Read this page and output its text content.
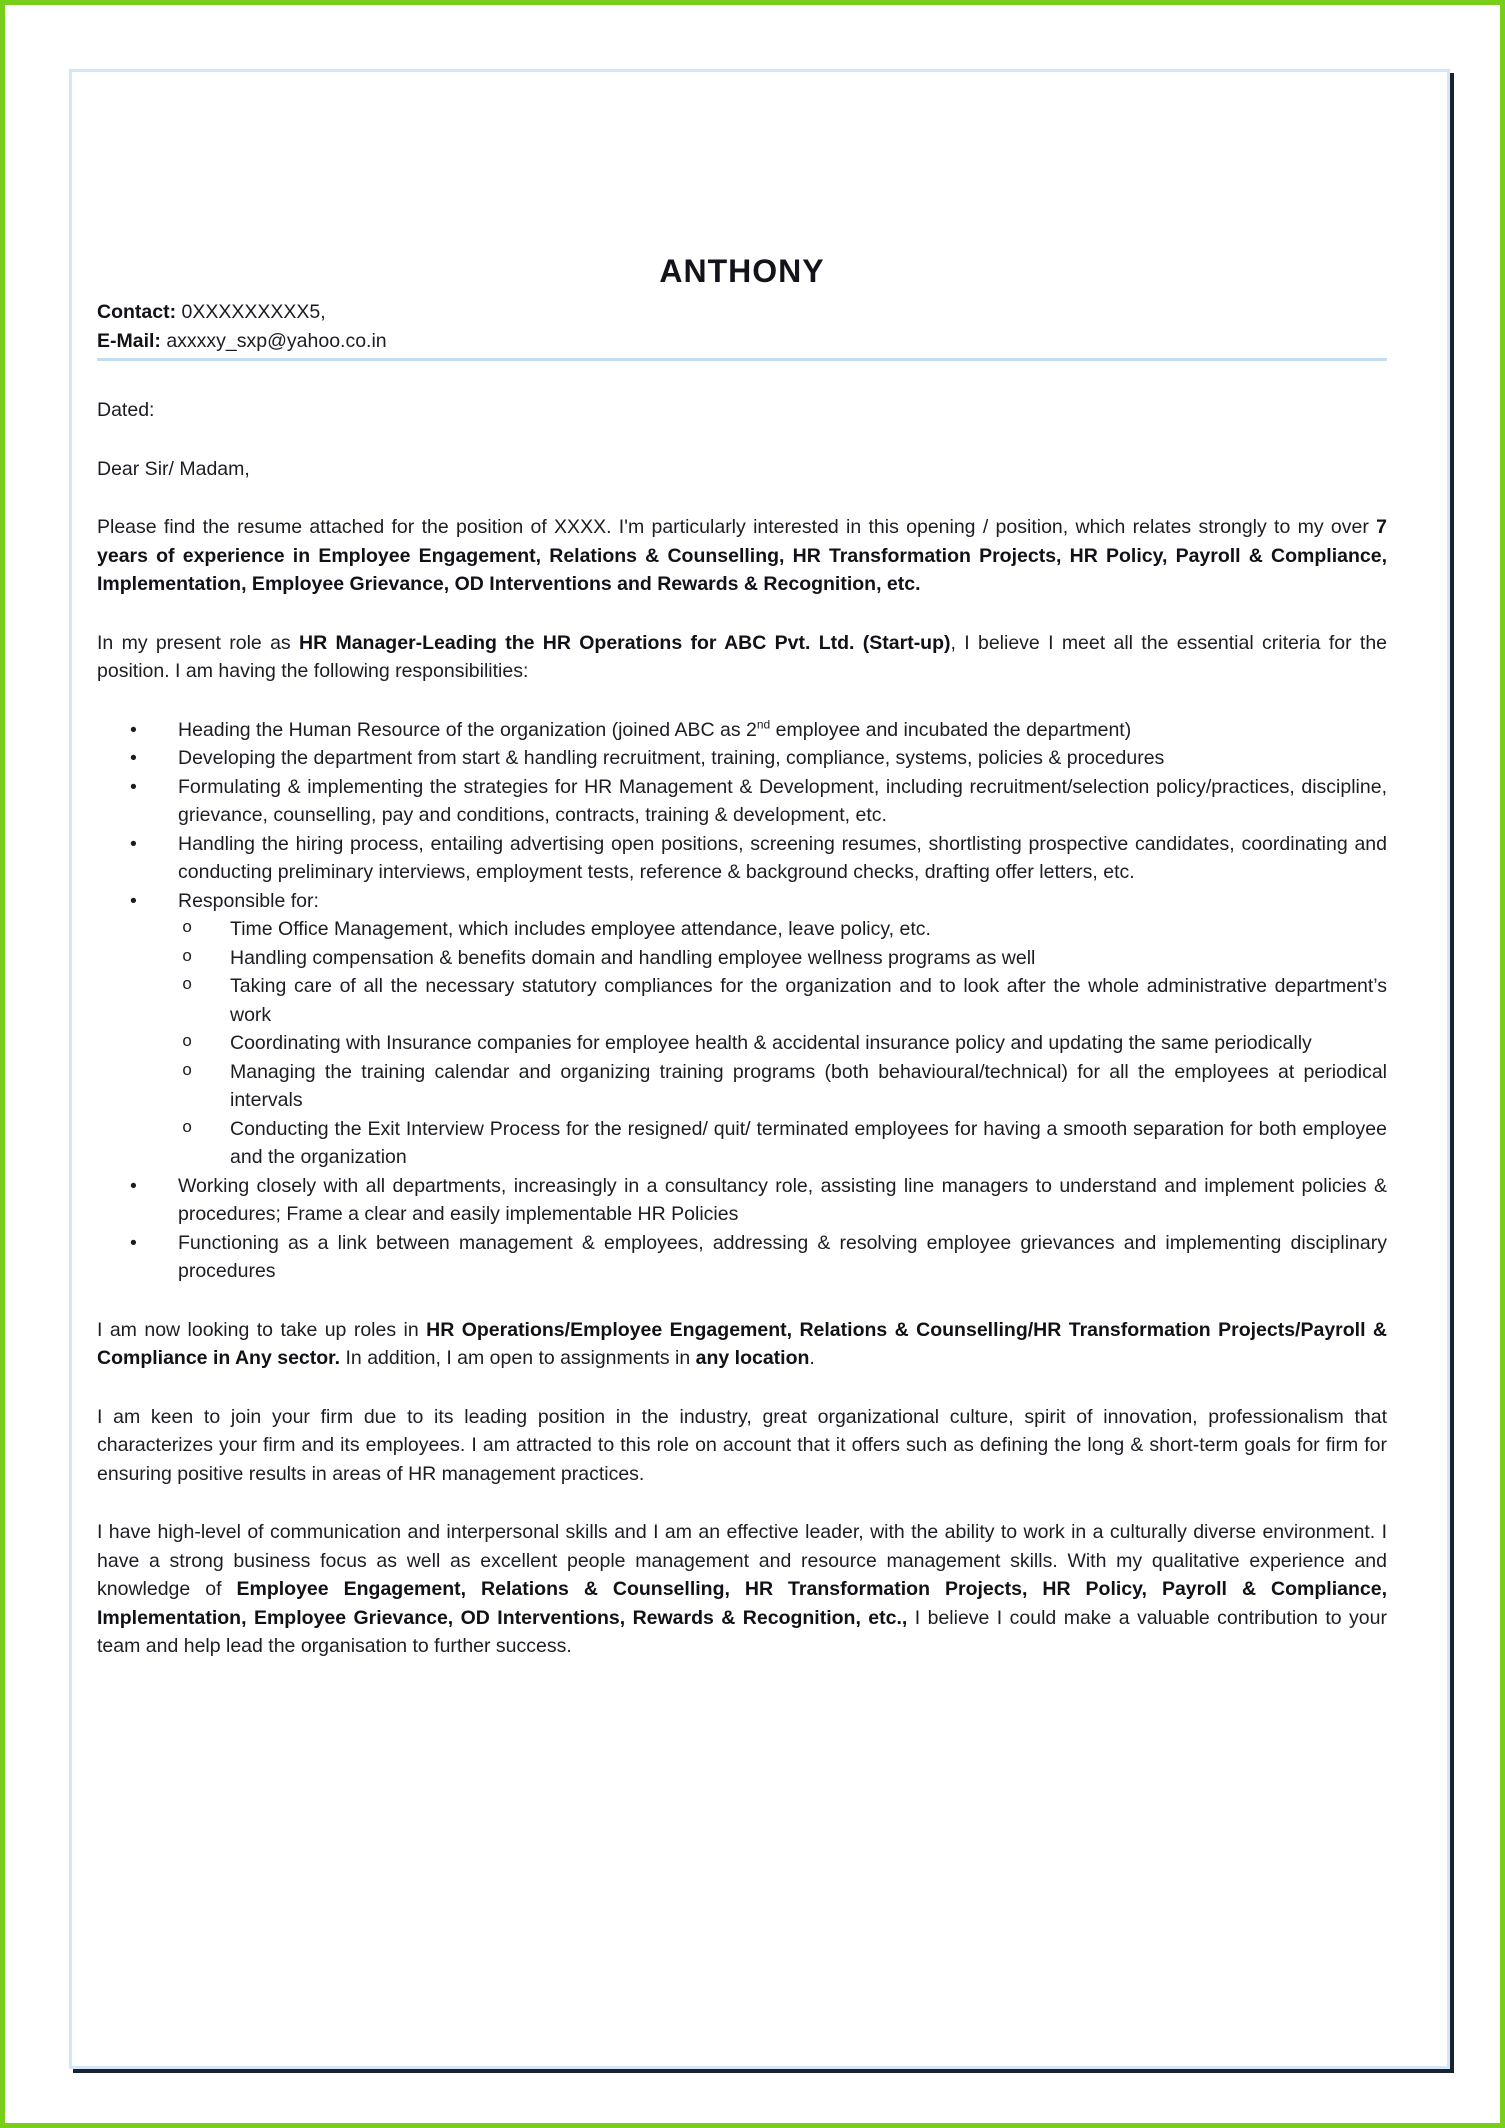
ANTHONY
Contact: 0XXXXXXXXX5,
E-Mail: axxxxy_sxp@yahoo.co.in
Dated:
Dear Sir/ Madam,
Please find the resume attached for the position of XXXX. I'm particularly interested in this opening / position, which relates strongly to my over 7 years of experience in Employee Engagement, Relations & Counselling, HR Transformation Projects, HR Policy, Payroll & Compliance, Implementation, Employee Grievance, OD Interventions and Rewards & Recognition, etc.
In my present role as HR Manager-Leading the HR Operations for ABC Pvt. Ltd. (Start-up), I believe I meet all the essential criteria for the position. I am having the following responsibilities:
• Heading the Human Resource of the organization (joined ABC as 2nd employee and incubated the department)
• Developing the department from start & handling recruitment, training, compliance, systems, policies & procedures
• Formulating & implementing the strategies for HR Management & Development, including recruitment/selection policy/practices, discipline, grievance, counselling, pay and conditions, contracts, training & development, etc.
• Handling the hiring process, entailing advertising open positions, screening resumes, shortlisting prospective candidates, coordinating and conducting preliminary interviews, employment tests, reference & background checks, drafting offer letters, etc.
• Responsible for:
o Time Office Management, which includes employee attendance, leave policy, etc.
o Handling compensation & benefits domain and handling employee wellness programs as well
o Taking care of all the necessary statutory compliances for the organization and to look after the whole administrative department’s work
o Coordinating with Insurance companies for employee health & accidental insurance policy and updating the same periodically
o Managing the training calendar and organizing training programs (both behavioural/technical) for all the employees at periodical intervals
o Conducting the Exit Interview Process for the resigned/ quit/ terminated employees for having a smooth separation for both employee and the organization
• Working closely with all departments, increasingly in a consultancy role, assisting line managers to understand and implement policies & procedures; Frame a clear and easily implementable HR Policies
• Functioning as a link between management & employees, addressing & resolving employee grievances and implementing disciplinary procedures
I am now looking to take up roles in HR Operations/Employee Engagement, Relations & Counselling/HR Transformation Projects/Payroll & Compliance in Any sector. In addition, I am open to assignments in any location.
I am keen to join your firm due to its leading position in the industry, great organizational culture, spirit of innovation, professionalism that characterizes your firm and its employees. I am attracted to this role on account that it offers such as defining the long & short-term goals for firm for ensuring positive results in areas of HR management practices.
I have high-level of communication and interpersonal skills and I am an effective leader, with the ability to work in a culturally diverse environment. I have a strong business focus as well as excellent people management and resource management skills. With my qualitative experience and knowledge of Employee Engagement, Relations & Counselling, HR Transformation Projects, HR Policy, Payroll & Compliance, Implementation, Employee Grievance, OD Interventions, Rewards & Recognition, etc., I believe I could make a valuable contribution to your team and help lead the organisation to further success.
